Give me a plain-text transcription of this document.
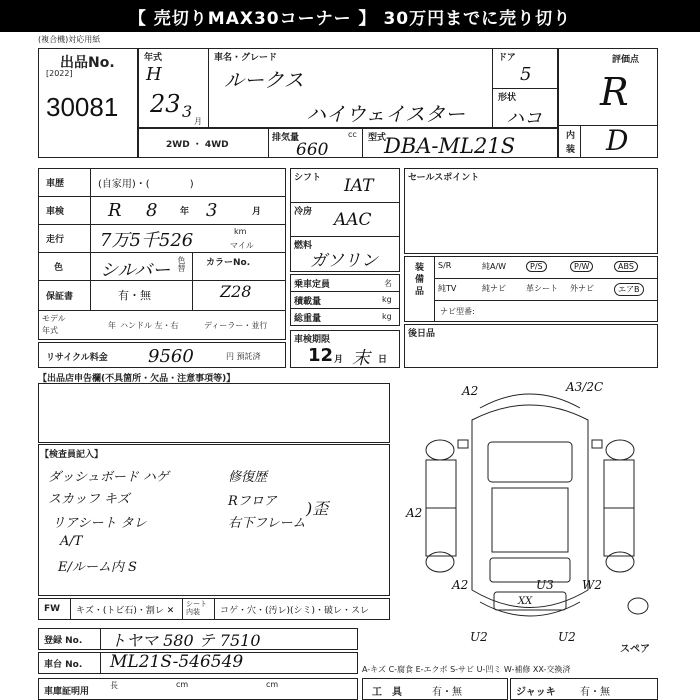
【 売切りMAX30コーナー 】 30万円までに売り切り
(複合機)対応用紙
出品No.
[2022]
30081
年式
H
23 3
月
車名・グレード
ルークス
ハイウェイスター
ドア
5
形状
ハコ
2WD ・ 4WD
排気量	cc
660
型式
DBA-ML21S
評価点
R
内
装 D
車歴	(自家用)・(　　　　)
車検 R 8	年 3	月
走行 7万5千526	km
マイル
色 シルバー 色替 カラーNo.
Z28
保証書	有・無
モデル
年式
年 ハンドル 左・右	ディーラー・並行
リサイクル料金 9560	円 預託済
シフト IAT
冷房 AAC
燃料
ガソリン
乗車定員	名
積載量	kg
総重量	kg
車検期限
12 月 末 日
セールスポイント
装備品 S/R	純A/W	P/S	P/W	ABS
純TV	純ナビ	革シート 外ナビ	エアB
ナビ型番:
後日品
【出品店申告欄(不具箇所・欠品・注意事項等)】
【検査員記入】
ダッシュボード ハゲ
スカッフ キズ
リアシート タレ
A/T
E/ルーム内 S
修復歴
Rフロア
右下フレーム
)歪
A2	A3/2C
A2
U3
A2	W2
XX
U2	U2
スペア
FW キズ・(トビ石)・割レ ✕
シート内装	コゲ・穴・(汚レ)(シミ)・破レ・スレ
登録 No. トヤマ 580 テ 7510
車台 No. ML21S-546549	A-キズ C-腐食 E-エクボ S-サビ U-凹ミ W-補修 XX-交換済
車庫証明用
長	cm	cm
工　具	有・無	ジャッキ 有・無
